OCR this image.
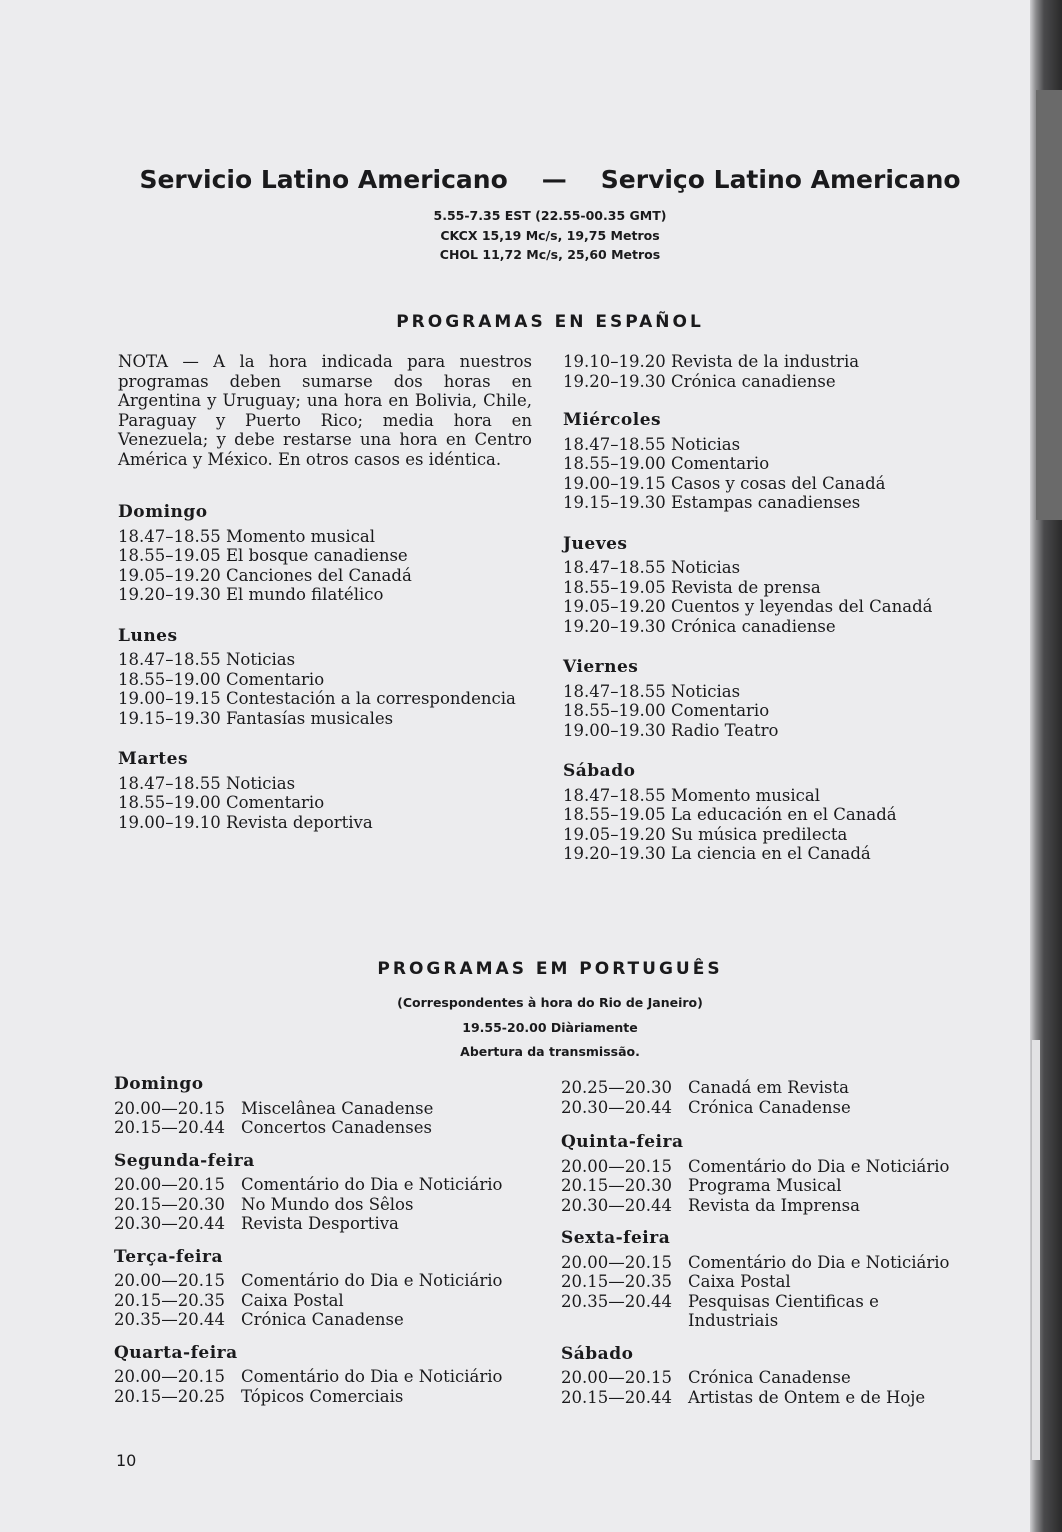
Servicio Latino Americano — Serviço Latino Americano
5.55-7.35 EST (22.55-00.35 GMT)
CKCX 15,19 Mc/s, 19,75 Metros
CHOL 11,72 Mc/s, 25,60 Metros
PROGRAMAS EN ESPAÑOL
NOTA — A la hora indicada para nuestros programas deben sumarse dos horas en Argentina y Uruguay; una hora en Bolivia, Chile, Paraguay y Puerto Rico; media hora en Venezuela; y debe restarse una hora en Centro América y México. En otros casos es idéntica.
Domingo
18.47–18.55 Momento musical
18.55–19.05 El bosque canadiense
19.05–19.20 Canciones del Canadá
19.20–19.30 El mundo filatélico
Lunes
18.47–18.55 Noticias
18.55–19.00 Comentario
19.00–19.15 Contestación a la correspondencia
19.15–19.30 Fantasías musicales
Martes
18.47–18.55 Noticias
18.55–19.00 Comentario
19.00–19.10 Revista deportiva
19.10–19.20 Revista de la industria
19.20–19.30 Crónica canadiense
Miércoles
18.47–18.55 Noticias
18.55–19.00 Comentario
19.00–19.15 Casos y cosas del Canadá
19.15–19.30 Estampas canadienses
Jueves
18.47–18.55 Noticias
18.55–19.05 Revista de prensa
19.05–19.20 Cuentos y leyendas del Canadá
19.20–19.30 Crónica canadiense
Viernes
18.47–18.55 Noticias
18.55–19.00 Comentario
19.00–19.30 Radio Teatro
Sábado
18.47–18.55 Momento musical
18.55–19.05 La educación en el Canadá
19.05–19.20 Su música predilecta
19.20–19.30 La ciencia en el Canadá
PROGRAMAS EM PORTUGUÊS
(Correspondentes à hora do Rio de Janeiro)
19.55-20.00 Diàriamente
Abertura da transmissão.
Domingo
20.00—20.15 Miscelânea Canadense
20.15—20.44 Concertos Canadenses
Segunda-feira
20.00—20.15 Comentário do Dia e Noticiário
20.15—20.30 No Mundo dos Sêlos
20.30—20.44 Revista Desportiva
Terça-feira
20.00—20.15 Comentário do Dia e Noticiário
20.15—20.35 Caixa Postal
20.35—20.44 Crónica Canadense
Quarta-feira
20.00—20.15 Comentário do Dia e Noticiário
20.15—20.25 Tópicos Comerciais
20.25—20.30 Canadá em Revista
20.30—20.44 Crónica Canadense
Quinta-feira
20.00—20.15 Comentário do Dia e Noticiário
20.15—20.30 Programa Musical
20.30—20.44 Revista da Imprensa
Sexta-feira
20.00—20.15 Comentário do Dia e Noticiário
20.15—20.35 Caixa Postal
20.35—20.44 Pesquisas Cientificas e
Industriais
Sábado
20.00—20.15 Crónica Canadense
20.15—20.44 Artistas de Ontem e de Hoje
10
